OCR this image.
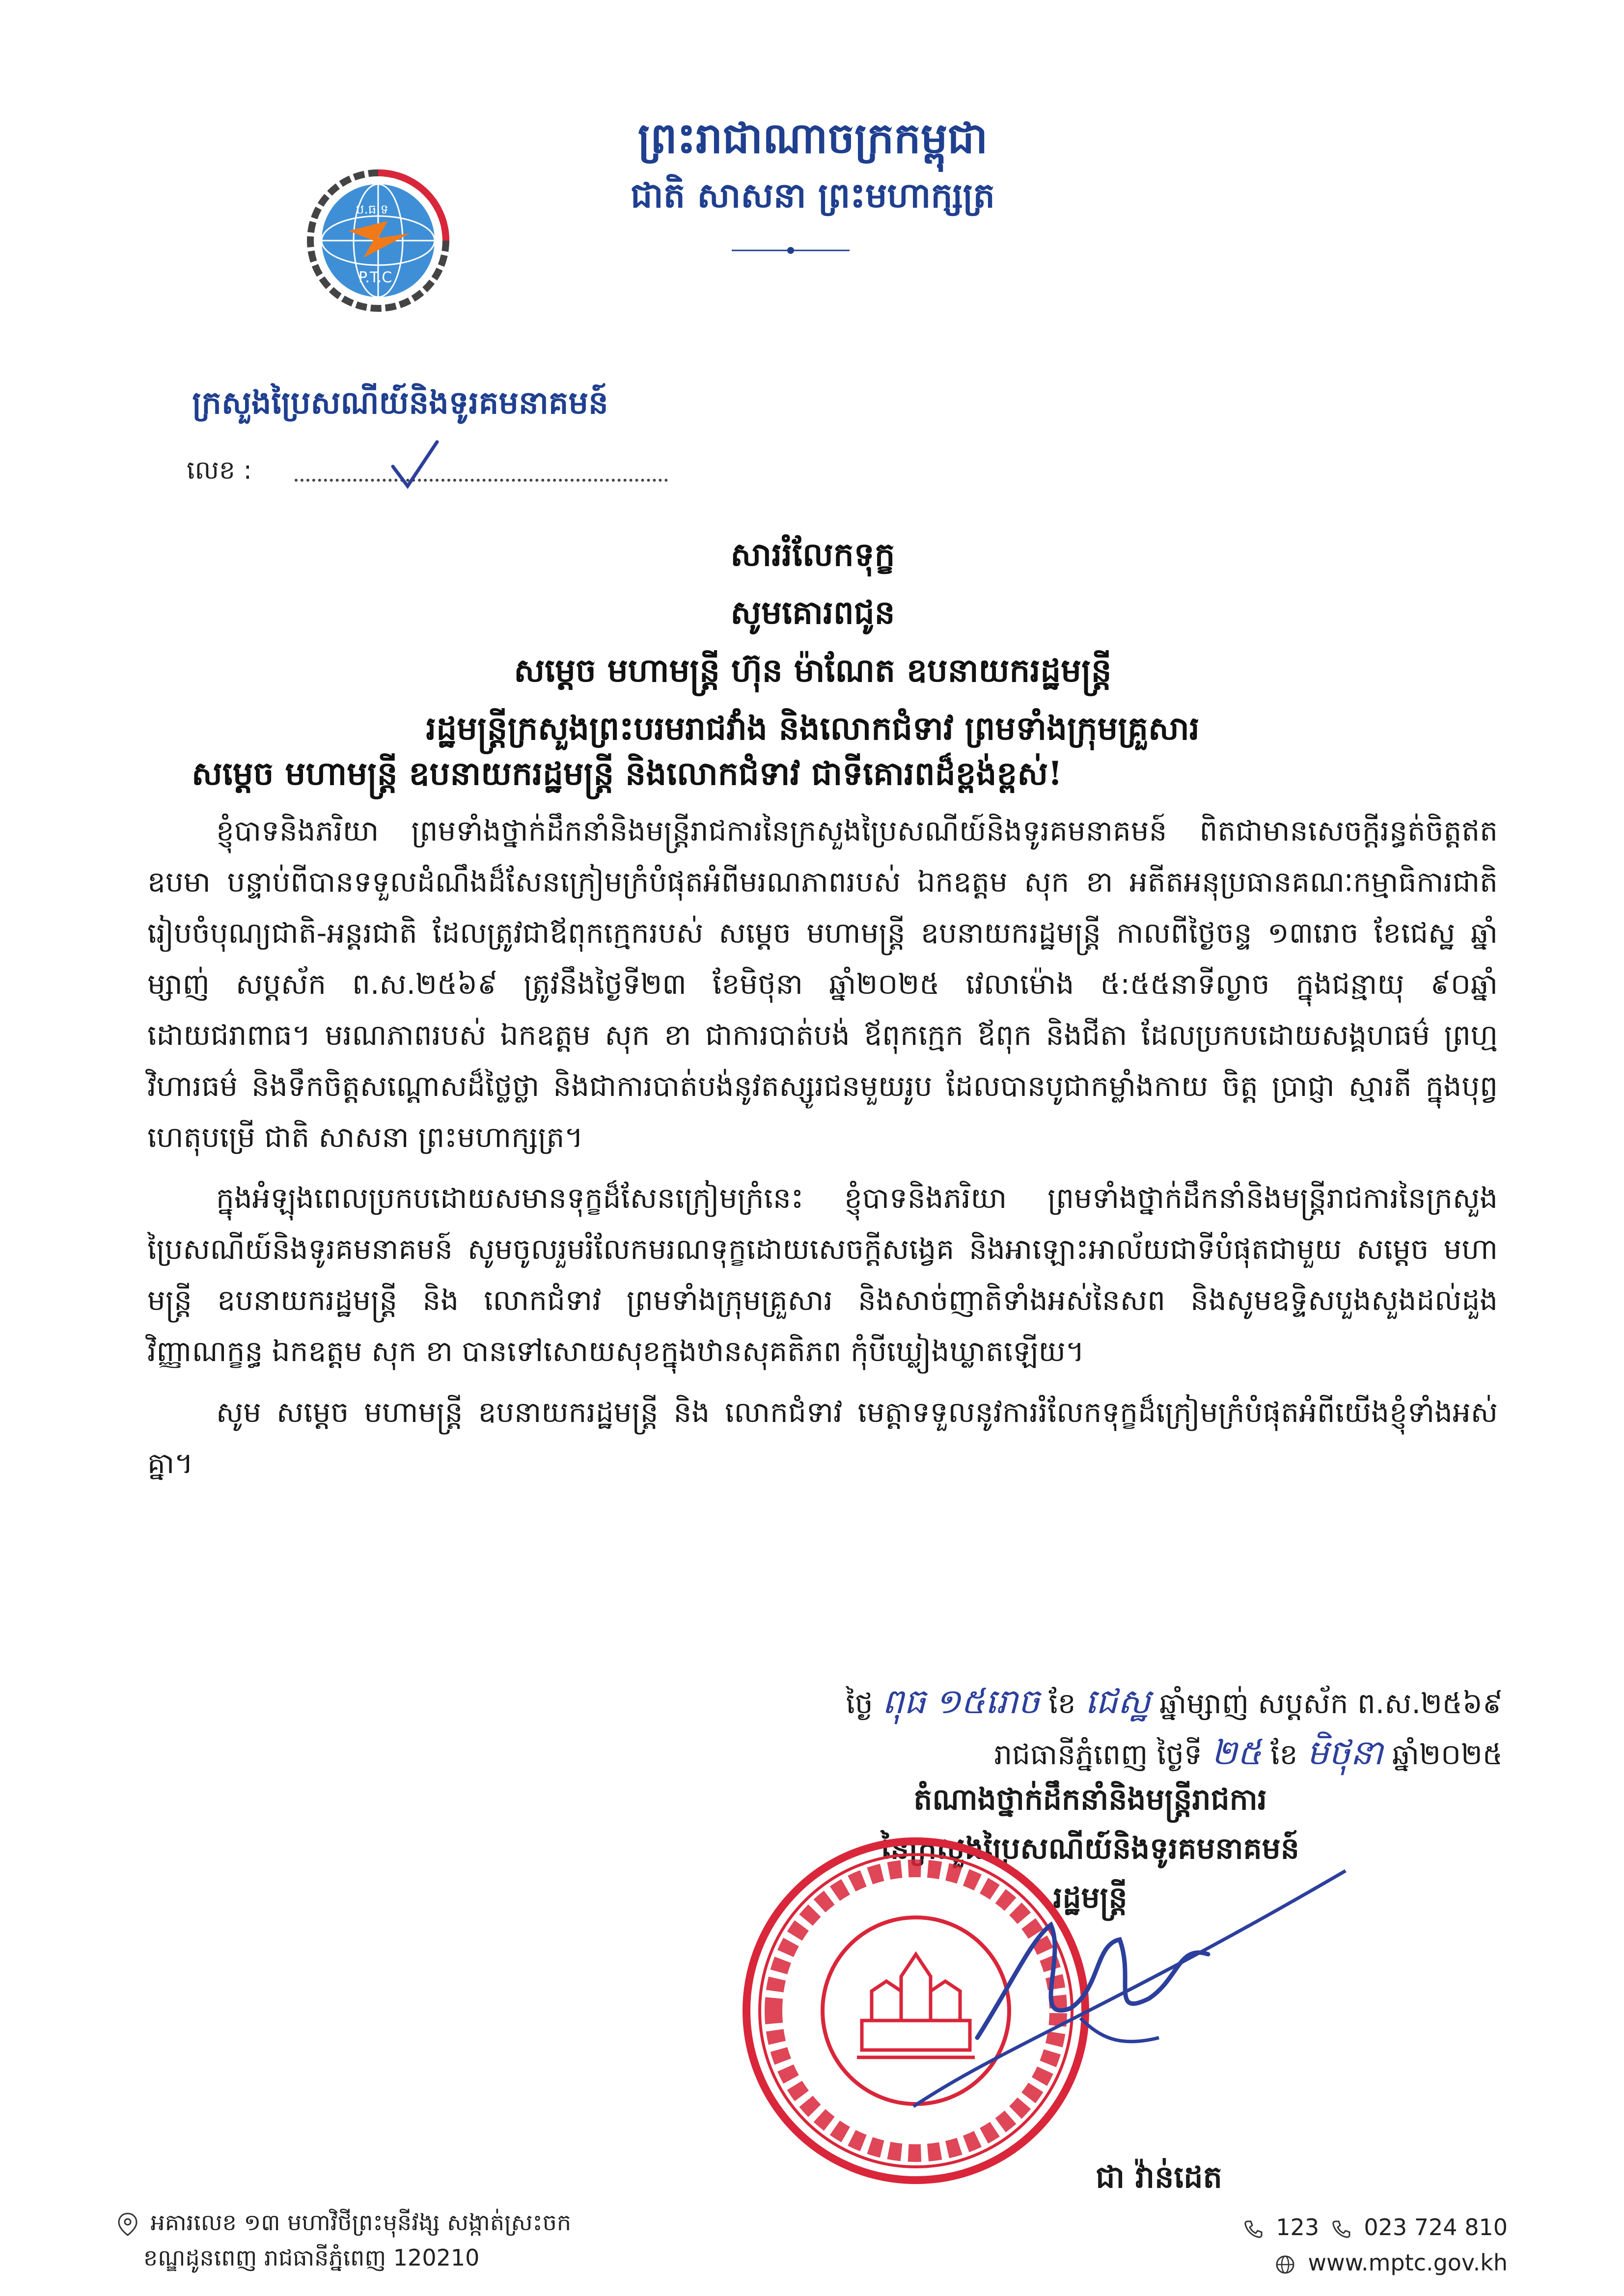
ព្រះរាជាណាចក្រកម្ពុជា
ជាតិ សាសនា ព្រះមហាក្សត្រ
ប.ធ.ទ
P.T.C
ក្រសួងប្រៃសណីយ៍និងទូរគមនាគមន៍
លេខ :
សាររំលែកទុក្ខ
សូមគោរពជូន
សម្តេច មហាមន្ត្រី ហ៊ុន ម៉ាណែត ឧបនាយករដ្ឋមន្ត្រី
រដ្ឋមន្ត្រីក្រសួងព្រះបរមរាជវាំង និងលោកជំទាវ ព្រមទាំងក្រុមគ្រួសារ
សម្តេច មហាមន្ត្រី ឧបនាយករដ្ឋមន្ត្រី និងលោកជំទាវ ជាទីគោរពដ៏ខ្ពង់ខ្ពស់!

ខ្ញុំបាទនិងភរិយា ព្រមទាំងថ្នាក់ដឹកនាំនិងមន្ត្រីរាជការនៃក្រសួងប្រៃសណីយ៍និងទូរគមនាគមន៍ ពិតជាមានសេចក្តីរន្ធត់ចិត្តឥតឧបមា បន្ទាប់ពីបានទទួលដំណឹងដ៏សែនក្រៀមក្រំបំផុតអំពីមរណភាពរបស់ ឯកឧត្តម សុក ខា អតីតអនុប្រធានគណៈកម្មាធិការជាតិរៀបចំបុណ្យជាតិ-អន្តរជាតិ ដែលត្រូវជាឪពុកក្មេករបស់ សម្តេច មហាមន្ត្រី ឧបនាយករដ្ឋមន្ត្រី កាលពីថ្ងៃចន្ទ ១៣រោច ខែជេស្ឋ ឆ្នាំម្សាញ់ សប្តស័ក ព.ស.២៥៦៩ ត្រូវនឹងថ្ងៃទី២៣ ខែមិថុនា ឆ្នាំ២០២៥ វេលាម៉ោង ៥:៥៥នាទីល្ងាច ក្នុងជន្មាយុ ៩០ឆ្នាំ ដោយជរាពាធ។ មរណភាពរបស់ ឯកឧត្តម សុក ខា ជាការបាត់បង់ ឪពុកក្មេក ឪពុក និងជីតា ដែលប្រកបដោយសង្គហធម៌ ព្រហ្មវិហារធម៌ និងទឹកចិត្តសណ្តោសដ៏ថ្លៃថ្លា និងជាការបាត់បង់នូវតស្សូរជនមួយរូប ដែលបានបូជាកម្លាំងកាយ ចិត្ត ប្រាជ្ញា ស្មារតី ក្នុងបុព្វហេតុបម្រើ ជាតិ សាសនា ព្រះមហាក្សត្រ។

ក្នុងអំឡុងពេលប្រកបដោយសមានទុក្ខដ៏សែនក្រៀមក្រំនេះ ខ្ញុំបាទនិងភរិយា ព្រមទាំងថ្នាក់ដឹកនាំនិងមន្ត្រីរាជការនៃក្រសួងប្រៃសណីយ៍និងទូរគមនាគមន៍ សូមចូលរួមរំលែកមរណទុក្ខដោយសេចក្តីសង្វេគ និងអាឡោះអាល័យជាទីបំផុតជាមួយ សម្តេច មហាមន្ត្រី ឧបនាយករដ្ឋមន្ត្រី និង លោកជំទាវ ព្រមទាំងក្រុមគ្រួសារ និងសាច់ញាតិទាំងអស់នៃសព និងសូមឧទ្ទិសបួងសួងដល់ដួងវិញ្ញាណក្ខន្ធ ឯកឧត្តម សុក ខា បានទៅសោយសុខក្នុងឋានសុគតិភព កុំបីឃ្លៀងឃ្លាតឡើយ។

សូម សម្តេច មហាមន្ត្រី ឧបនាយករដ្ឋមន្ត្រី និង លោកជំទាវ មេត្តាទទួលនូវការរំលែកទុក្ខដ៏ក្រៀមក្រំបំផុតអំពីយើងខ្ញុំទាំងអស់គ្នា។

ថ្ងៃ ពុធ ១៥រោច ខែ ជេស្ឋ ឆ្នាំម្សាញ់ សប្តស័ក ព.ស.២៥៦៩
រាជធានីភ្នំពេញ ថ្ងៃទី ២៥ ខែ មិថុនា ឆ្នាំ២០២៥
តំណាងថ្នាក់ដឹកនាំនិងមន្ត្រីរាជការ
នៃក្រសួងប្រៃសណីយ៍និងទូរគមនាគមន៍
រដ្ឋមន្ត្រី
ជា វ៉ាន់ដេត
អគារលេខ ១៣ មហាវិថីព្រះមុនីវង្ស សង្កាត់ស្រះចក
ខណ្ឌដូនពេញ រាជធានីភ្នំពេញ 120210
123 023 724 810
www.mptc.gov.kh
